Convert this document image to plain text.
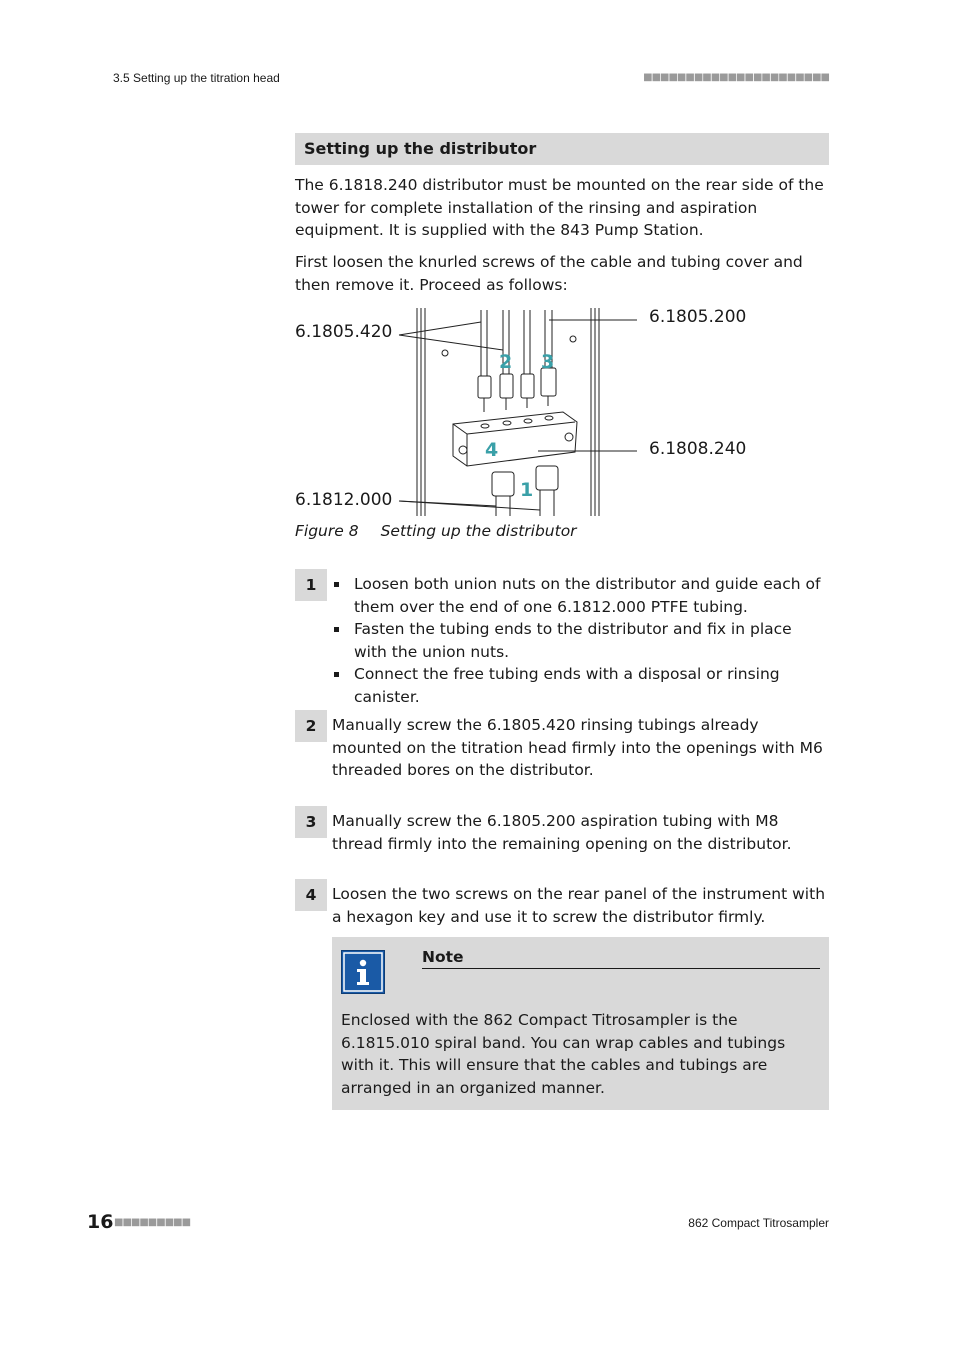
3.5 Setting up the titration head	■■■■■■■■■■■■■■■■■■■■■■
Setting up the distributor
The 6.1818.240 distributor must be mounted on the rear side of the tower for complete installation of the rinsing and aspiration equipment. It is supplied with the 843 Pump Station.
First loosen the knurled screws of the cable and tubing cover and then remove it. Proceed as follows:
6.1805.420
6.1805.200
6.1808.240
6.1812.000
2 3
4
1
Figure 8 Setting up the distributor
1	Loosen both union nuts on the distributor and guide each of them over the end of one 6.1812.000 PTFE tubing.
Fasten the tubing ends to the distributor and fix in place with the union nuts.
Connect the free tubing ends with a disposal or rinsing canister.
2	Manually screw the 6.1805.420 rinsing tubings already mounted on the titration head firmly into the openings with M6 threaded bores on the distributor.
3	Manually screw the 6.1805.200 aspiration tubing with M8 thread firmly into the remaining opening on the distributor.
4	Loosen the two screws on the rear panel of the instrument with a hexagon key and use it to screw the distributor firmly.
Note
Enclosed with the 862 Compact Titrosampler is the 6.1815.010 spiral band. You can wrap cables and tubings with it. This will ensure that the cables and tubings are arranged in an organized manner.
16 ■■■■■■■■■	862 Compact Titrosampler
